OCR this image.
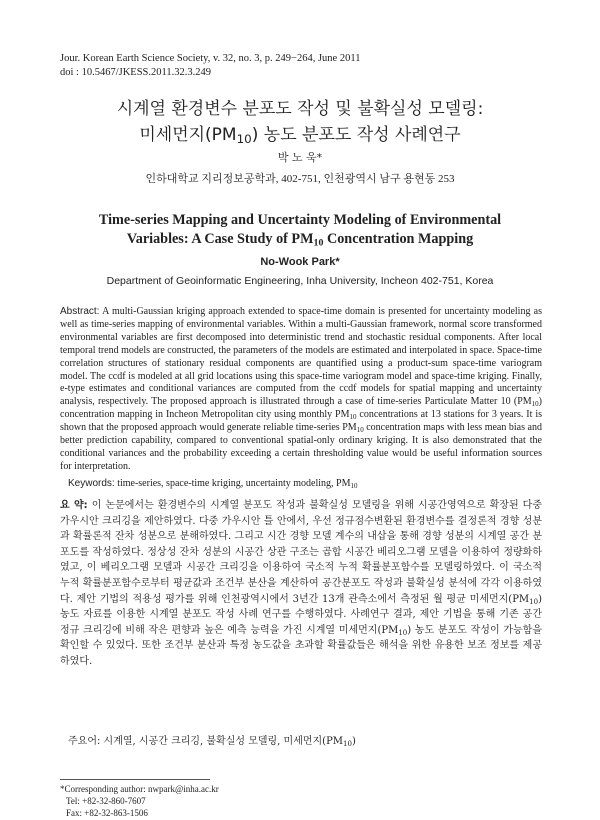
Jour. Korean Earth Science Society, v. 32, no. 3, p. 249−264, June 2011
doi : 10.5467/JKESS.2011.32.3.249
시계열 환경변수 분포도 작성 및 불확실성 모델링:
미세먼지$(PM_{10})$ 농도 분포도 작성 사례연구
박 노 욱*
인하대학교 지리정보공학과, 402-751, 인천광역시 남구 용현동 253
Time-series Mapping and Uncertainty Modeling of Environmental
Variables: A Case Study of $PM_{10}$ Concentration Mapping
No-Wook Park*
Department of Geoinformatic Engineering, Inha University, Incheon 402-751, Korea
Abstract: A multi-Gaussian kriging approach extended to space-time domain is presented for uncertainty modeling as well as time-series mapping of environmental variables. Within a multi-Gaussian framework, normal score transformed environmental variables are first decomposed into deterministic trend and stochastic residual components. After local temporal trend models are constructed, the parameters of the models are estimated and interpolated in space. Space-time correlation structures of stationary residual components are quantified using a product-sum space-time variogram model. The ccdf is modeled at all grid locations using this space-time variogram model and space-time kriging. Finally, e-type estimates and conditional variances are computed from the ccdf models for spatial mapping and uncertainty analysis, respectively. The proposed approach is illustrated through a case of time-series Particulate Matter 10 $(PM_{10})$ concentration mapping in Incheon Metropolitan city using monthly $PM_{10}$ concentrations at 13 stations for 3 years. It is shown that the proposed approach would generate reliable time-series $PM_{10}$ concentration maps with less mean bias and better prediction capability, compared to conventional spatial-only ordinary kriging. It is also demonstrated that the conditional variances and the probability exceeding a certain thresholding value would be useful information sources for interpretation.
Keywords: time-series, space-time kriging, uncertainty modeling, $PM_{10}$
요 약: 이 논문에서는 환경변수의 시계열 분포도 작성과 불확실성 모델링을 위해 시공간영역으로 확장된 다중 가우시안 크리깅을 제안하였다. 다중 가우시안 틀 안에서, 우선 정규점수변환된 환경변수를 결정론적 경향 성분과 확률론적 잔차 성분으로 분해하였다. 그리고 시간 경향 모델 계수의 내삽을 통해 경향 성분의 시계열 공간 분포도를 작성하였다. 정상성 잔차 성분의 시공간 상관 구조는 곱합 시공간 베리오그램 모델을 이용하여 정량화하였고, 이 베리오그램 모델과 시공간 크리깅을 이용하여 국소적 누적 확률분포함수를 모델링하였다. 이 국소적 누적 확률분포함수로부터 평균값과 조건부 분산을 계산하여 공간분포도 작성과 불확실성 분석에 각각 이용하였다. 제안 기법의 적용성 평가를 위해 인천광역시에서 3년간 13개 관측소에서 측정된 월 평균 미세먼지$(PM_{10})$ 농도 자료를 이용한 시계열 분포도 작성 사례 연구를 수행하였다. 사례연구 결과, 제안 기법을 통해 기존 공간 정규 크리깅에 비해 작은 편향과 높은 예측 능력을 가진 시계열 미세먼지$(PM_{10})$ 농도 분포도 작성이 가능함을 확인할 수 있었다. 또한 조건부 분산과 특정 농도값을 초과할 확률값들은 해석을 위한 유용한 보조 정보를 제공하였다.
주요어: 시계열, 시공간 크리깅, 불확실성 모델링, 미세먼지$(PM_{10})$
*Corresponding author: nwpark@inha.ac.kr
Tel: +82-32-860-7607
Fax: +82-32-863-1506
